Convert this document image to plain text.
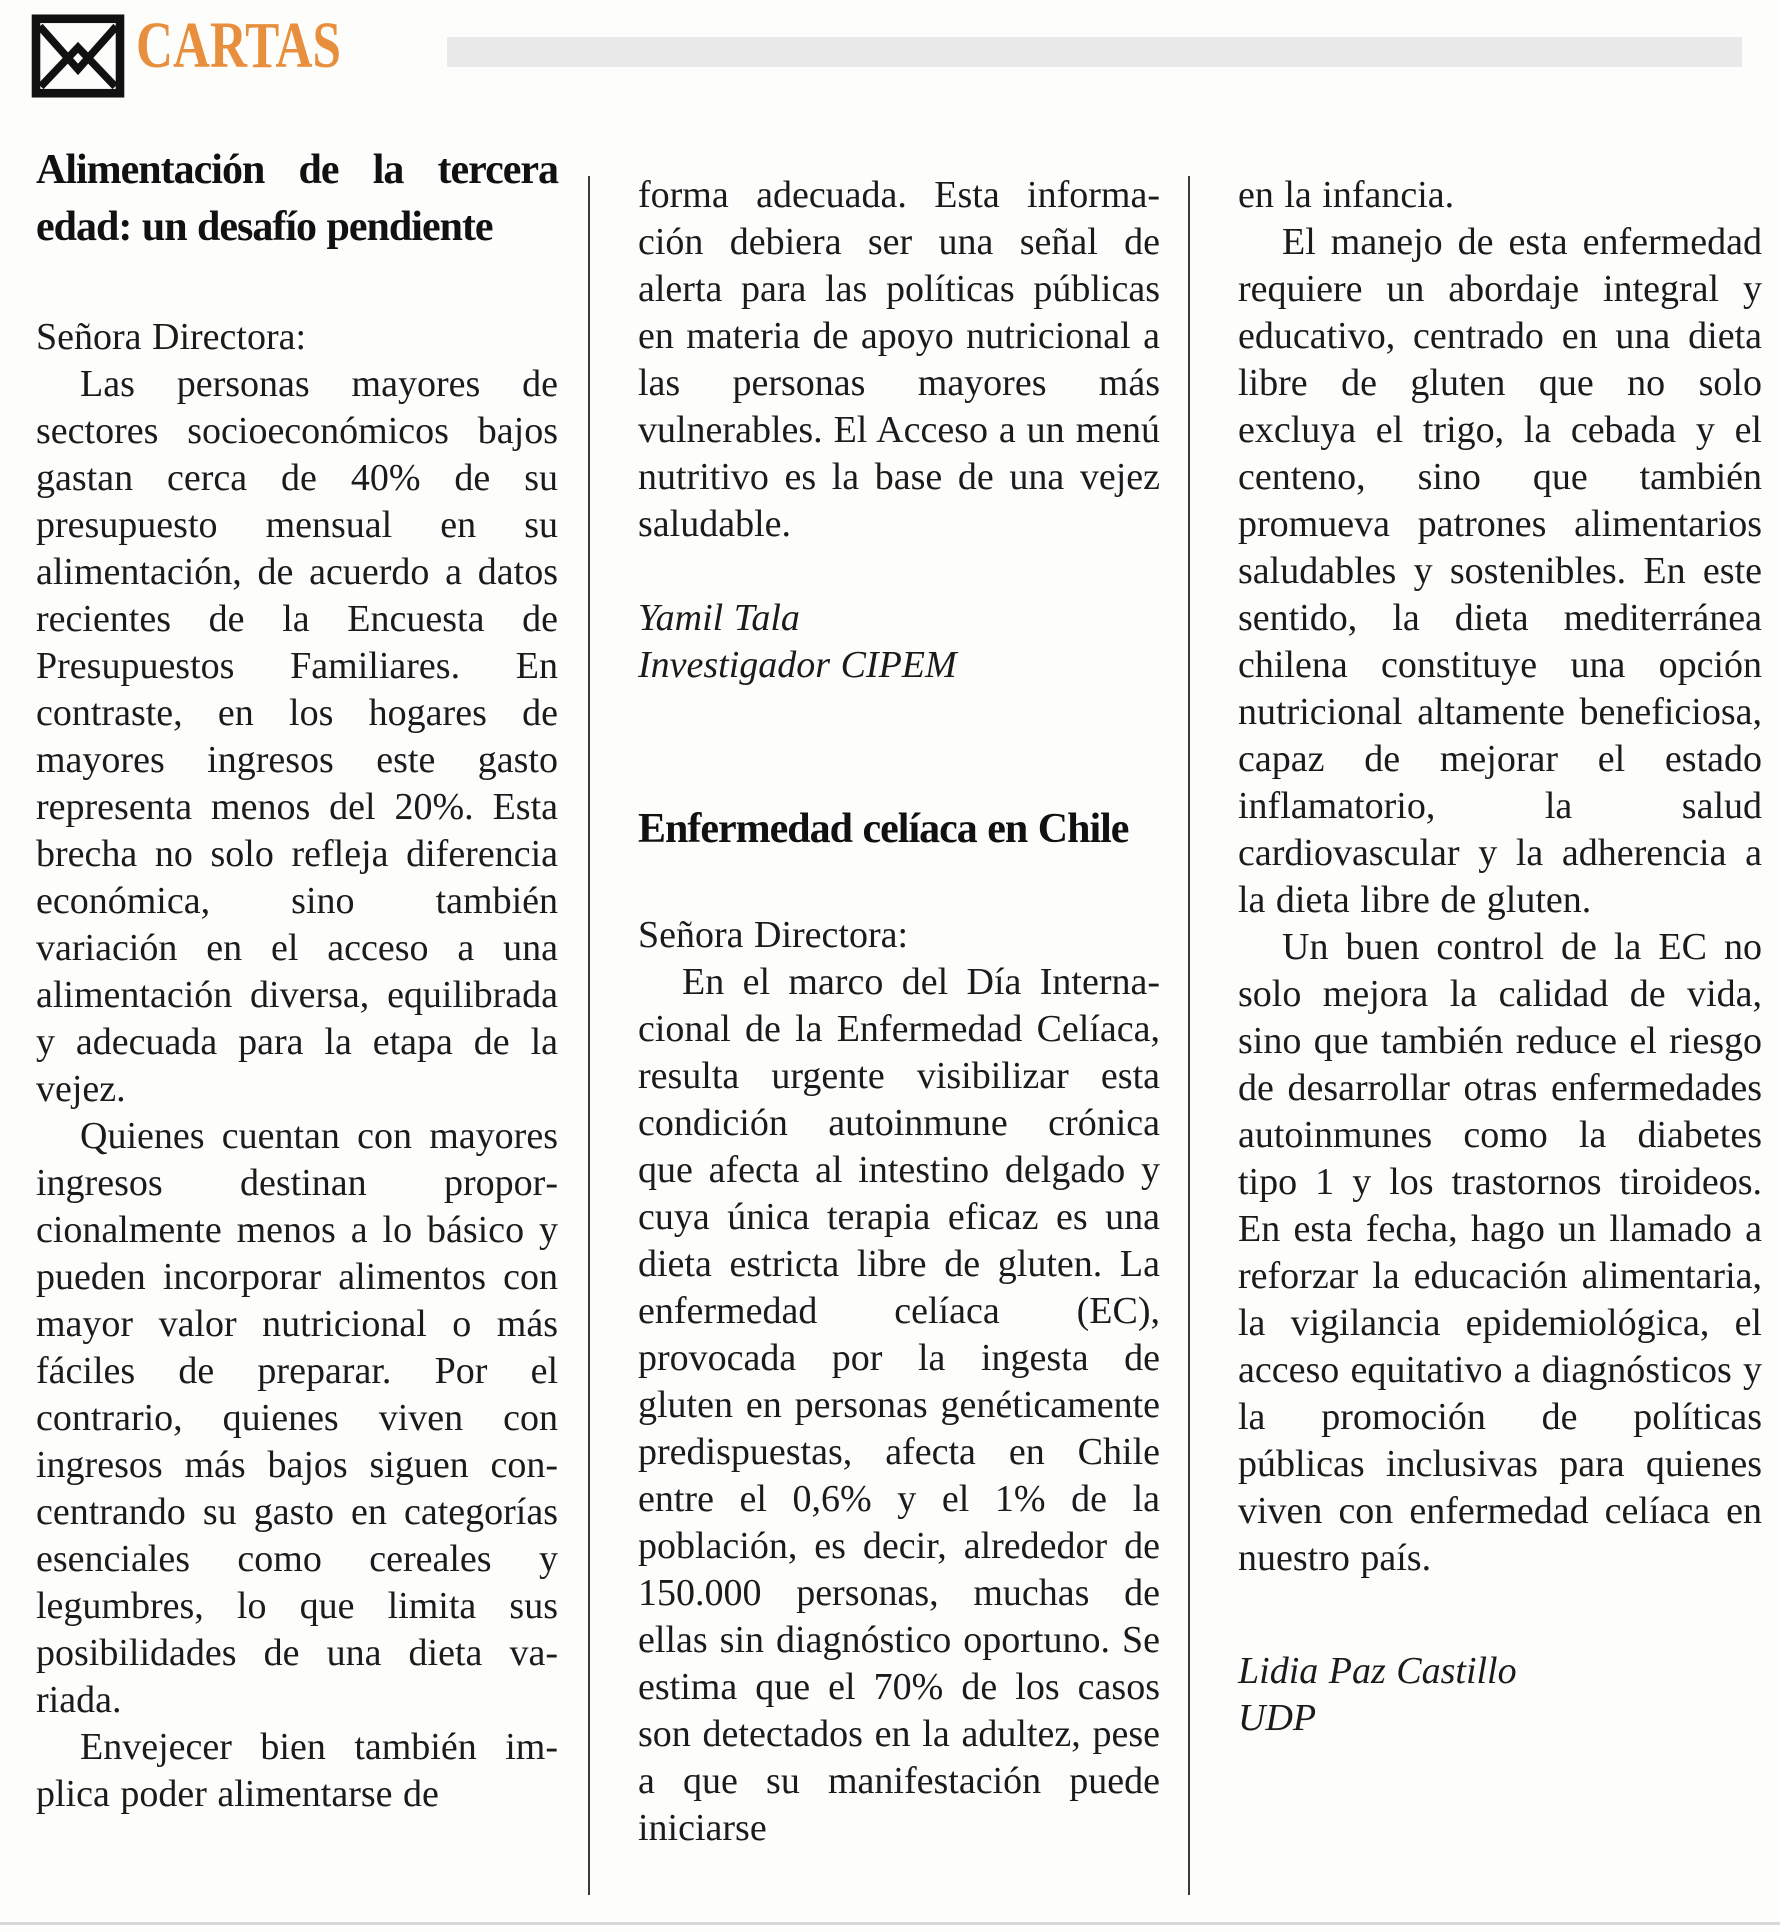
CARTAS
Alimentación de la tercera edad: un desafío pendiente

Señora Directora:

Las personas mayores de sectores socioeconómicos bajos gastan cerca de 40% de su presupuesto mensual en su alimentación, de acuerdo a datos recientes de la Encuesta de Presupuestos Familiares. En contraste, en los hogares de mayores ingresos este gasto representa menos del 20%. Esta brecha no solo refleja diferencia económica, sino también variación en el acceso a una alimentación diversa, equilibrada y adecuada para la etapa de la vejez.

Quienes cuentan con mayores ingresos destinan proporcionalmente menos a lo básico y pueden incorporar alimentos con mayor valor nutricional o más fáciles de preparar. Por el contrario, quienes viven con ingresos más bajos siguen concentrando su gasto en categorías esenciales como cereales y legumbres, lo que limita sus posibilidades de una dieta variada.

Envejecer bien también implica poder alimentarse de

forma adecuada. Esta información debiera ser una señal de alerta para las políticas públicas en materia de apoyo nutricional a las personas mayores más vulnerables. El Acceso a un menú nutritivo es la base de una vejez saludable.

Yamil Tala

Investigador CIPEM

Enfermedad celíaca en Chile

Señora Directora:

En el marco del Día Internacional de la Enfermedad Celíaca, resulta urgente visibilizar esta condición autoinmune crónica que afecta al intestino delgado y cuya única terapia eficaz es una dieta estricta libre de gluten. La enfermedad celíaca (EC), provocada por la ingesta de gluten en personas genéticamente predispuestas, afecta en Chile entre el 0,6% y el 1% de la población, es decir, alrededor de 150.000 personas, muchas de ellas sin diagnóstico oportuno. Se estima que el 70% de los casos son detectados en la adultez, pese a que su manifestación puede iniciarse

en la infancia.

El manejo de esta enfermedad requiere un abordaje integral y educativo, centrado en una dieta libre de gluten que no solo excluya el trigo, la cebada y el centeno, sino que también promueva patrones alimentarios saludables y sostenibles. En este sentido, la dieta mediterránea chilena constituye una opción nutricional altamente beneficiosa, capaz de mejorar el estado inflamatorio, la salud cardiovascular y la adherencia a la dieta libre de gluten.

Un buen control de la EC no solo mejora la calidad de vida, sino que también reduce el riesgo de desarrollar otras enfermedades autoinmunes como la diabetes tipo 1 y los trastornos tiroideos. En esta fecha, hago un llamado a reforzar la educación alimentaria, la vigilancia epidemiológica, el acceso equitativo a diagnósticos y la promoción de políticas públicas inclusivas para quienes viven con enfermedad celíaca en nuestro país.

Lidia Paz Castillo

UDP
